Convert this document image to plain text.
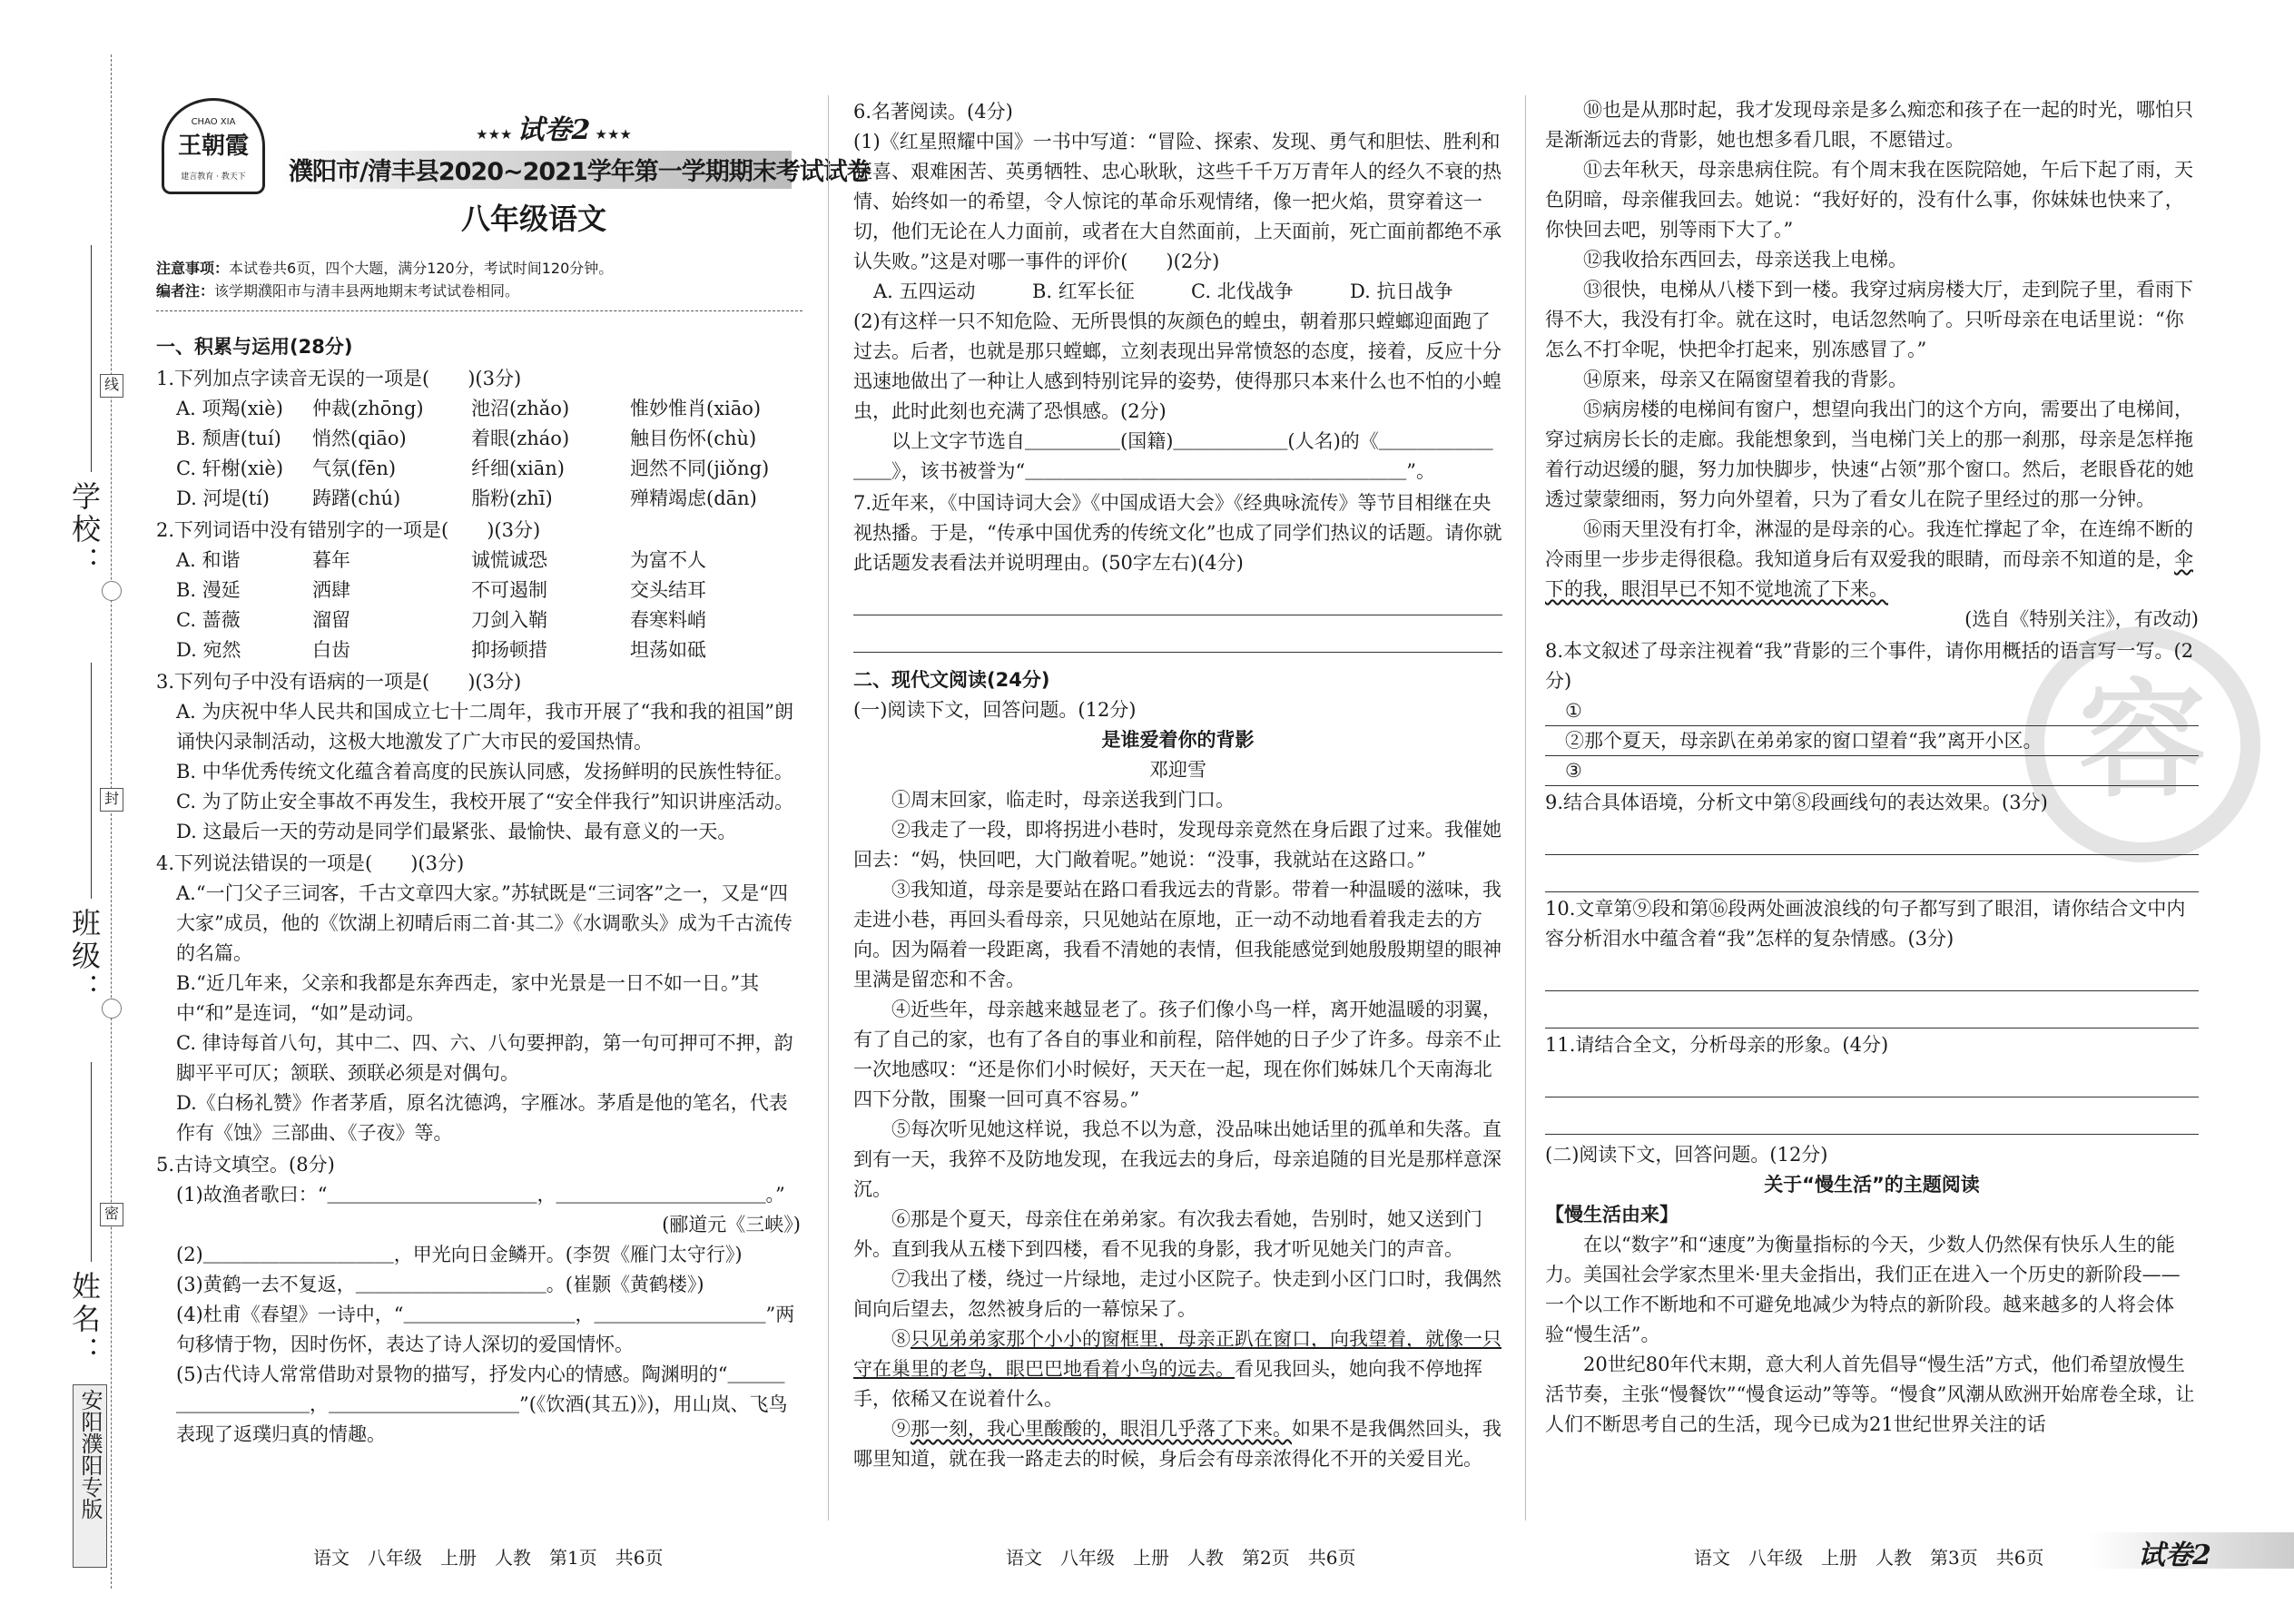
线
封
密
学校：
班级：
姓名：
安阳濮阳专版
CHAO XIA
王朝霞
建言教育 · 教天下
★★★ 试卷2 ★★★
濮阳市/清丰县2020~2021学年第一学期期末考试试卷
八年级语文
注意事项：本试卷共6页，四个大题，满分120分，考试时间120分钟。
编者注：该学期濮阳市与清丰县两地期末考试试卷相同。

一、积累与运用(28分)

1.下列加点字读音无误的一项是(　　)(3分)

A. 项羯(xiè)	仲裁(zhōng)	池沼(zhǎo)	惟妙惟肖(xiāo)
B. 颓唐(tuí)	悄然(qiāo)	着眼(zháo)	触目伤怀(chù)
C. 轩榭(xiè)	气氛(fēn)	纤细(xiān)	迥然不同(jiǒng)
D. 河堤(tí)	踌躇(chú)	脂粉(zhī)	殚精竭虑(dān)

2.下列词语中没有错别字的一项是(　　)(3分)

A. 和谐	暮年	诚慌诚恐	为富不人
B. 漫延	洒肆	不可遏制	交头结耳
C. 蔷薇	溜留	刀剑入鞘	春寒料峭
D. 宛然	白齿	抑扬顿措	坦荡如砥

3.下列句子中没有语病的一项是(　　)(3分)

A. 为庆祝中华人民共和国成立七十二周年，我市开展了“我和我的祖国”朗诵快闪录制活动，这极大地激发了广大市民的爱国热情。

B. 中华优秀传统文化蕴含着高度的民族认同感，发扬鲜明的民族性特征。

C. 为了防止安全事故不再发生，我校开展了“安全伴我行”知识讲座活动。

D. 这最后一天的劳动是同学们最紧张、最愉快、最有意义的一天。

4.下列说法错误的一项是(　　)(3分)

A.“一门父子三词客，千古文章四大家。”苏轼既是“三词客”之一，又是“四大家”成员，他的《饮湖上初晴后雨二首·其二》《水调歌头》成为千古流传的名篇。

B.“近几年来，父亲和我都是东奔西走，家中光景是一日不如一日。”其中“和”是连词，“如”是动词。

C. 律诗每首八句，其中二、四、六、八句要押韵，第一句可押可不押，韵脚平平可仄；颔联、颈联必须是对偶句。

D.《白杨礼赞》作者茅盾，原名沈德鸿，字雁冰。茅盾是他的笔名，代表作有《蚀》三部曲、《子夜》等。

5.古诗文填空。(8分)

(1)故渔者歌曰：“＿＿＿＿＿＿＿＿＿＿＿，＿＿＿＿＿＿＿＿＿＿＿。”

(郦道元《三峡》)

(2)＿＿＿＿＿＿＿＿＿＿，甲光向日金鳞开。(李贺《雁门太守行》)

(3)黄鹤一去不复返，＿＿＿＿＿＿＿＿＿＿。(崔颢《黄鹤楼》)

(4)杜甫《春望》一诗中，“＿＿＿＿＿＿＿＿＿，＿＿＿＿＿＿＿＿＿”两句移情于物，因时伤怀，表达了诗人深切的爱国情怀。

(5)古代诗人常常借助对景物的描写，抒发内心的情感。陶渊明的“＿＿＿＿＿＿＿＿＿＿，＿＿＿＿＿＿＿＿＿＿”(《饮酒(其五)》)，用山岚、飞鸟表现了返璞归真的情趣。

6.名著阅读。(4分)

(1)《红星照耀中国》一书中写道：“冒险、探索、发现、勇气和胆怯、胜利和狂喜、艰难困苦、英勇牺牲、忠心耿耿，这些千千万万青年人的经久不衰的热情、始终如一的希望，令人惊诧的革命乐观情绪，像一把火焰，贯穿着这一切，他们无论在人力面前，或者在大自然面前，上天面前，死亡面前都绝不承认失败。”这是对哪一事件的评价(　　)(2分)

A. 五四运动	B. 红军长征	C. 北伐战争	D. 抗日战争

(2)有这样一只不知危险、无所畏惧的灰颜色的蝗虫，朝着那只螳螂迎面跑了过去。后者，也就是那只螳螂，立刻表现出异常愤怒的态度，接着，反应十分迅速地做出了一种让人感到特别诧异的姿势，使得那只本来什么也不怕的小蝗虫，此时此刻也充满了恐惧感。(2分)

以上文字节选自＿＿＿＿＿(国籍)＿＿＿＿＿＿(人名)的《＿＿＿＿＿＿＿＿》，该书被誉为“＿＿＿＿＿＿＿＿＿＿＿＿＿＿＿＿＿＿＿＿”。

7.近年来，《中国诗词大会》《中国成语大会》《经典咏流传》等节目相继在央视热播。于是，“传承中国优秀的传统文化”也成了同学们热议的话题。请你就此话题发表看法并说明理由。(50字左右)(4分)

二、现代文阅读(24分)

(一)阅读下文，回答问题。(12分)

是谁爱着你的背影

邓迎雪

①周末回家，临走时，母亲送我到门口。

②我走了一段，即将拐进小巷时，发现母亲竟然在身后跟了过来。我催她回去：“妈，快回吧，大门敞着呢。”她说：“没事，我就站在这路口。”

③我知道，母亲是要站在路口看我远去的背影。带着一种温暖的滋味，我走进小巷，再回头看母亲，只见她站在原地，正一动不动地看着我走去的方向。因为隔着一段距离，我看不清她的表情，但我能感觉到她殷殷期望的眼神里满是留恋和不舍。

④近些年，母亲越来越显老了。孩子们像小鸟一样，离开她温暖的羽翼，有了自己的家，也有了各自的事业和前程，陪伴她的日子少了许多。母亲不止一次地感叹：“还是你们小时候好，天天在一起，现在你们姊妹几个天南海北四下分散，围聚一回可真不容易。”

⑤每次听见她这样说，我总不以为意，没品味出她话里的孤单和失落。直到有一天，我猝不及防地发现，在我远去的身后，母亲追随的目光是那样意深沉。

⑥那是个夏天，母亲住在弟弟家。有次我去看她，告别时，她又送到门外。直到我从五楼下到四楼，看不见我的身影，我才听见她关门的声音。

⑦我出了楼，绕过一片绿地，走过小区院子。快走到小区门口时，我偶然间向后望去，忽然被身后的一幕惊呆了。

⑧只见弟弟家那个小小的窗框里，母亲正趴在窗口，向我望着，就像一只守在巢里的老鸟，眼巴巴地看着小鸟的远去。看见我回头，她向我不停地挥手，依稀又在说着什么。

⑨那一刻，我心里酸酸的，眼泪几乎落了下来。如果不是我偶然回头，我哪里知道，就在我一路走去的时候，身后会有母亲浓得化不开的关爱目光。

容

⑩也是从那时起，我才发现母亲是多么痴恋和孩子在一起的时光，哪怕只是渐渐远去的背影，她也想多看几眼，不愿错过。

⑪去年秋天，母亲患病住院。有个周末我在医院陪她，午后下起了雨，天色阴暗，母亲催我回去。她说：“我好好的，没有什么事，你妹妹也快来了，你快回去吧，别等雨下大了。”

⑫我收拾东西回去，母亲送我上电梯。

⑬很快，电梯从八楼下到一楼。我穿过病房楼大厅，走到院子里，看雨下得不大，我没有打伞。就在这时，电话忽然响了。只听母亲在电话里说：“你怎么不打伞呢，快把伞打起来，别冻感冒了。”

⑭原来，母亲又在隔窗望着我的背影。

⑮病房楼的电梯间有窗户，想望向我出门的这个方向，需要出了电梯间，穿过病房长长的走廊。我能想象到，当电梯门关上的那一刹那，母亲是怎样拖着行动迟缓的腿，努力加快脚步，快速“占领”那个窗口。然后，老眼昏花的她透过蒙蒙细雨，努力向外望着，只为了看女儿在院子里经过的那一分钟。

⑯雨天里没有打伞，淋湿的是母亲的心。我连忙撑起了伞，在连绵不断的冷雨里一步步走得很稳。我知道身后有双爱我的眼睛，而母亲不知道的是，伞下的我，眼泪早已不知不觉地流了下来。

(选自《特别关注》，有改动)

8.本文叙述了母亲注视着“我”背影的三个事件，请你用概括的语言写一写。(2分)

①

②那个夏天，母亲趴在弟弟家的窗口望着“我”离开小区。

③

9.结合具体语境，分析文中第⑧段画线句的表达效果。(3分)

10.文章第⑨段和第⑯段两处画波浪线的句子都写到了眼泪，请你结合文中内容分析泪水中蕴含着“我”怎样的复杂情感。(3分)

11.请结合全文，分析母亲的形象。(4分)

(二)阅读下文，回答问题。(12分)

关于“慢生活”的主题阅读

【慢生活由来】

在以“数字”和“速度”为衡量指标的今天，少数人仍然保有快乐人生的能力。美国社会学家杰里米·里夫金指出，我们正在进入一个历史的新阶段——一个以工作不断地和不可避免地减少为特点的新阶段。越来越多的人将会体验“慢生活”。

20世纪80年代末期，意大利人首先倡导“慢生活”方式，他们希望放慢生活节奏，主张“慢餐饮”“慢食运动”等等。“慢食”风潮从欧洲开始席卷全球，让人们不断思考自己的生活，现今已成为21世纪世界关注的话

语文　八年级　上册　人教　第1页　共6页	语文　八年级　上册　人教　第2页　共6页	语文　八年级　上册　人教　第3页　共6页	试卷2
